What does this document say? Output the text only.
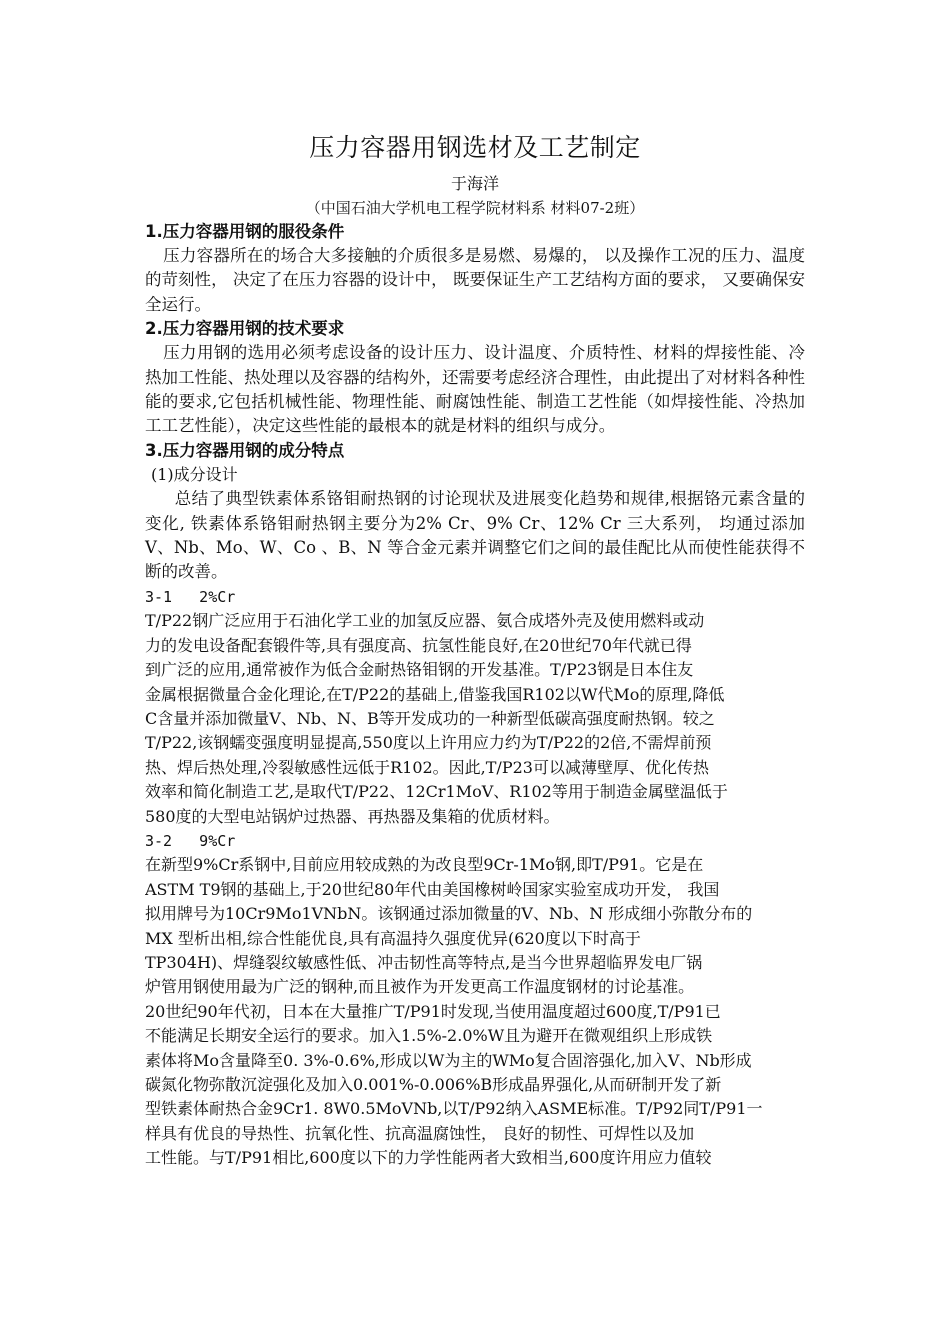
压力容器用钢选材及工艺制定

于海洋

（中国石油大学机电工程学院材料系 材料07-2班）

1.压力容器用钢的服役条件

压力容器所在的场合大多接触的介质很多是易燃、易爆的， 以及操作工况的压力、温度的苛刻性， 决定了在压力容器的设计中， 既要保证生产工艺结构方面的要求， 又要确保安全运行。

2.压力容器用钢的技术要求

压力用钢的选用必须考虑设备的设计压力、设计温度、介质特性、材料的焊接性能、冷热加工性能、热处理以及容器的结构外，还需要考虑经济合理性，由此提出了对材料各种性能的要求,它包括机械性能、物理性能、耐腐蚀性能、制造工艺性能（如焊接性能、冷热加工工艺性能），决定这些性能的最根本的就是材料的组织与成分。

3.压力容器用钢的成分特点

(1)成分设计

总结了典型铁素体系铬钼耐热钢的讨论现状及进展变化趋势和规律,根据铬元素含量的变化, 铁素体系铬钼耐热钢主要分为2% Cr、9% Cr、12% Cr 三大系列， 均通过添加V、Nb、Mo、W、Co 、B、N 等合金元素并调整它们之间的最佳配比从而使性能获得不断的改善。

3-1   2%Cr

T/P22钢广泛应用于石油化学工业的加氢反应器、氨合成塔外壳及使用燃料或动

力的发电设备配套锻件等,具有强度高、抗氢性能良好,在20世纪70年代就已得

到广泛的应用,通常被作为低合金耐热铬钼钢的开发基准。T/P23钢是日本住友

金属根据微量合金化理论,在T/P22的基础上,借鉴我国R102以W代Mo的原理,降低

C含量并添加微量V、Nb、N、B等开发成功的一种新型低碳高强度耐热钢。较之

T/P22,该钢蠕变强度明显提高,550度以上许用应力约为T/P22的2倍,不需焊前预

热、焊后热处理,冷裂敏感性远低于R102。因此,T/P23可以减薄壁厚、优化传热

效率和简化制造工艺,是取代T/P22、12Cr1MoV、R102等用于制造金属壁温低于

580度的大型电站锅炉过热器、再热器及集箱的优质材料。

3-2   9%Cr

在新型9%Cr系钢中,目前应用较成熟的为改良型9Cr-1Mo钢,即T/P91。它是在

ASTM T9钢的基础上,于20世纪80年代由美国橡树岭国家实验室成功开发， 我国

拟用牌号为10Cr9Mo1VNbN。该钢通过添加微量的V、Nb、N 形成细小弥散分布的

MX 型析出相,综合性能优良,具有高温持久强度优异(620度以下时高于

TP304H)、焊缝裂纹敏感性低、冲击韧性高等特点,是当今世界超临界发电厂锅

炉管用钢使用最为广泛的钢种,而且被作为开发更高工作温度钢材的讨论基准。

20世纪90年代初，日本在大量推广T/P91时发现,当使用温度超过600度,T/P91已

不能满足长期安全运行的要求。加入1.5%-2.0%W且为避开在微观组织上形成铁

素体将Mo含量降至0. 3%-0.6%,形成以W为主的WMo复合固溶强化,加入V、Nb形成

碳氮化物弥散沉淀强化及加入0.001%-0.006%B形成晶界强化,从而研制开发了新

型铁素体耐热合金9Cr1. 8W0.5MoVNb,以T/P92纳入ASME标准。T/P92同T/P91一

样具有优良的导热性、抗氧化性、抗高温腐蚀性， 良好的韧性、可焊性以及加

工性能。与T/P91相比,600度以下的力学性能两者大致相当,600度许用应力值较
